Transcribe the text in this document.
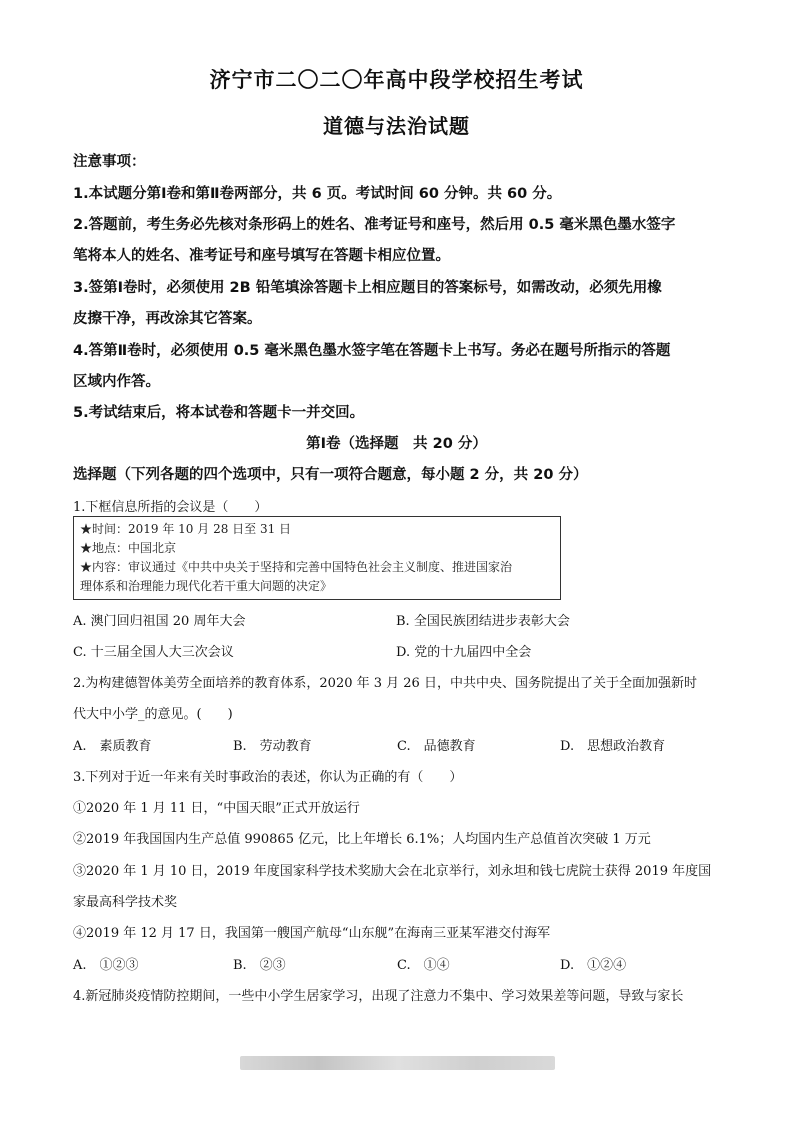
济宁市二〇二〇年高中段学校招生考试
道德与法治试题
注意事项：
1.本试题分第Ⅰ卷和第Ⅱ卷两部分，共 6 页。考试时间 60 分钟。共 60 分。
2.答题前，考生务必先核对条形码上的姓名、准考证号和座号，然后用 0.5 毫米黑色墨水签字
笔将本人的姓名、准考证号和座号填写在答题卡相应位置。
3.签第Ⅰ卷时，必须使用 2B 铅笔填涂答题卡上相应题目的答案标号，如需改动，必须先用橡
皮擦干净，再改涂其它答案。
4.答第Ⅱ卷时，必须使用 0.5 毫米黑色墨水签字笔在答题卡上书写。务必在题号所指示的答题
区域内作答。
5.考试结束后，将本试卷和答题卡一并交回。
第Ⅰ卷（选择题　共 20 分）
选择题（下列各题的四个选项中，只有一项符合题意，每小题 2 分，共 20 分）
1.下框信息所指的会议是（　　）
★时间：2019 年 10 月 28 日至 31 日
★地点：中国北京
★内容：审议通过《中共中央关于坚持和完善中国特色社会主义制度、推进国家治
理体系和治理能力现代化若干重大问题的决定》
A. 澳门回归祖国 20 周年大会	B. 全国民族团结进步表彰大会
C. 十三届全国人大三次会议	D. 党的十九届四中全会
2.为构建德智体美劳全面培养的教育体系，2020 年 3 月 26 日，中共中央、国务院提出了关于全面加强新时
代大中小学_的意见。(　　)
A.　素质教育	B.　劳动教育	C.　品德教育	D.　思想政治教育
3.下列对于近一年来有关时事政治的表述，你认为正确的有（　　）
①2020 年 1 月 11 日，“中国天眼”正式开放运行
②2019 年我国国内生产总值 990865 亿元，比上年增长 6.1%；人均国内生产总值首次突破 1 万元
③2020 年 1 月 10 日，2019 年度国家科学技术奖励大会在北京举行，刘永坦和钱七虎院士获得 2019 年度国
家最高科学技术奖
④2019 年 12 月 17 日，我国第一艘国产航母“山东舰”在海南三亚某军港交付海军
A.　①②③	B.　②③	C.　①④	D.　①②④
4.新冠肺炎疫情防控期间，一些中小学生居家学习，出现了注意力不集中、学习效果差等问题，导致与家长
